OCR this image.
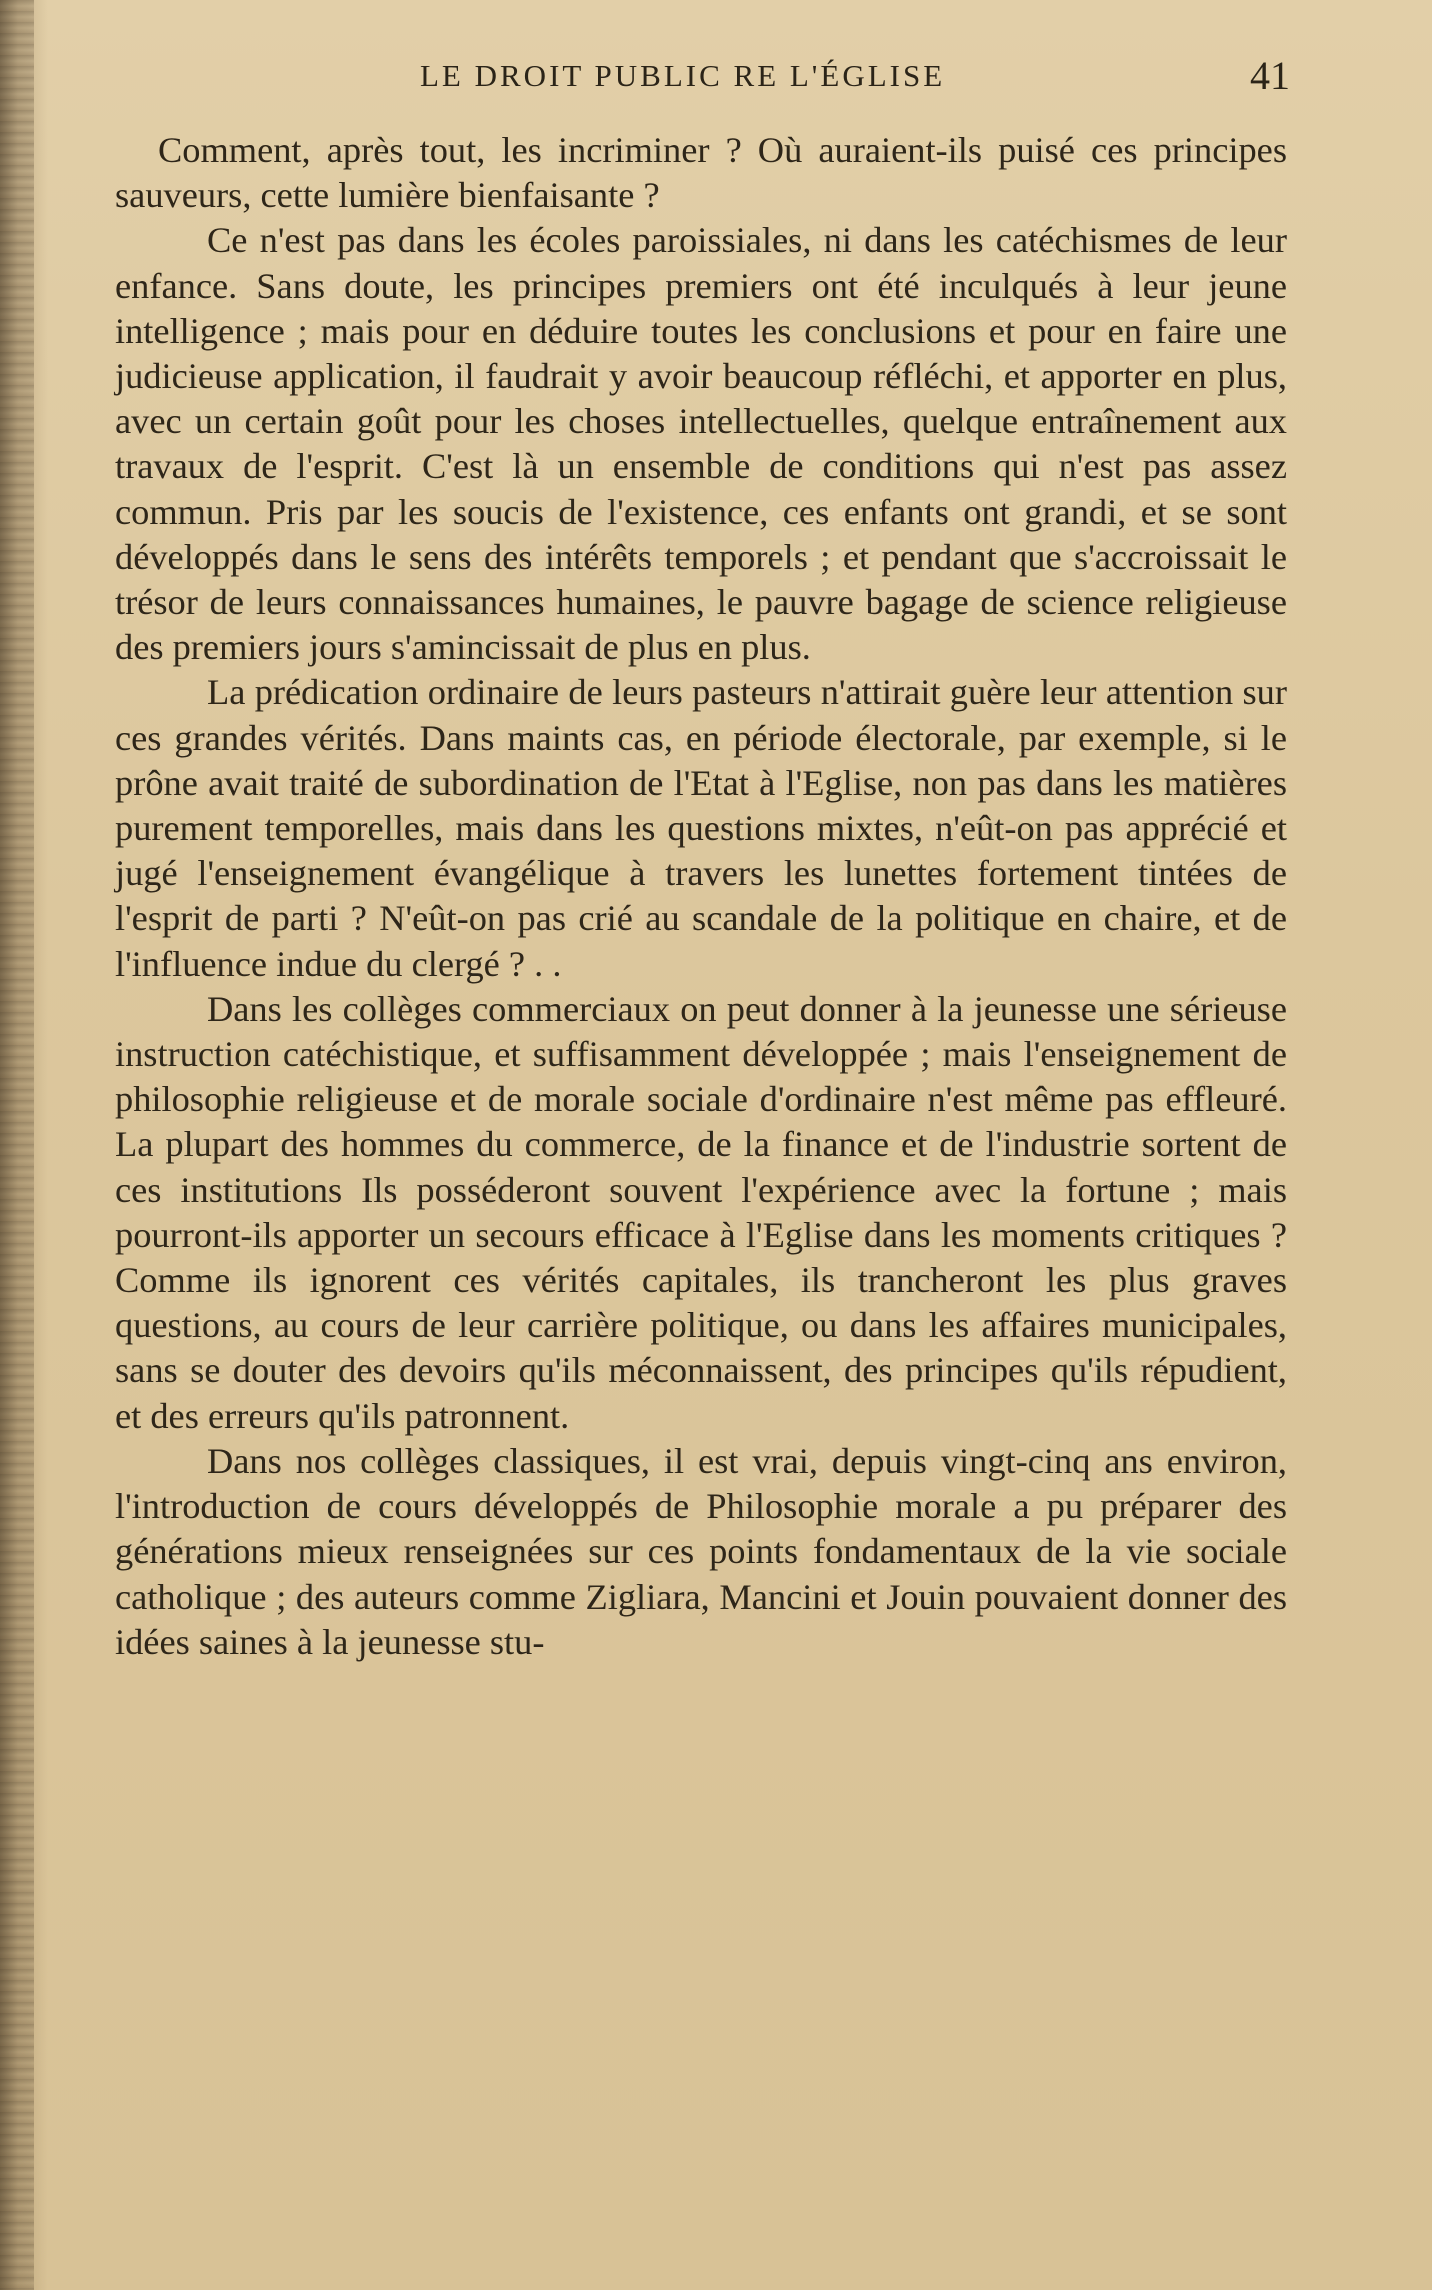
LE DROIT PUBLIC RE L'ÉGLISE	41

Comment, après tout, les incriminer ? Où auraient-ils puisé ces principes sauveurs, cette lumière bienfaisante ?

Ce n'est pas dans les écoles paroissiales, ni dans les catéchismes de leur enfance. Sans doute, les principes premiers ont été inculqués à leur jeune intelligence ; mais pour en déduire toutes les conclusions et pour en faire une judicieuse application, il faudrait y avoir beaucoup réfléchi, et apporter en plus, avec un certain goût pour les choses intellectuelles, quelque entraînement aux travaux de l'esprit. C'est là un ensemble de conditions qui n'est pas assez commun. Pris par les soucis de l'existence, ces enfants ont grandi, et se sont développés dans le sens des intérêts temporels ; et pendant que s'accroissait le trésor de leurs connaissances humaines, le pauvre bagage de science religieuse des premiers jours s'amincissait de plus en plus.

La prédication ordinaire de leurs pasteurs n'attirait guère leur attention sur ces grandes vérités. Dans maints cas, en période électorale, par exemple, si le prône avait traité de subordination de l'Etat à l'Eglise, non pas dans les matières purement temporelles, mais dans les questions mixtes, n'eût-on pas apprécié et jugé l'enseignement évangélique à travers les lunettes fortement tintées de l'esprit de parti ? N'eût-on pas crié au scandale de la politique en chaire, et de l'influence indue du clergé ? . .

Dans les collèges commerciaux on peut donner à la jeunesse une sérieuse instruction catéchistique, et suffisamment développée ; mais l'enseignement de philosophie religieuse et de morale sociale d'ordinaire n'est même pas effleuré. La plupart des hommes du commerce, de la finance et de l'industrie sortent de ces institutions Ils posséderont souvent l'expérience avec la fortune ; mais pourront-ils apporter un secours efficace à l'Eglise dans les moments critiques ? Comme ils ignorent ces vérités capitales, ils trancheront les plus graves questions, au cours de leur carrière politique, ou dans les affaires municipales, sans se douter des devoirs qu'ils méconnaissent, des principes qu'ils répudient, et des erreurs qu'ils patronnent.

Dans nos collèges classiques, il est vrai, depuis vingt-cinq ans environ, l'introduction de cours développés de Philosophie morale a pu préparer des générations mieux renseignées sur ces points fondamentaux de la vie sociale catholique ; des auteurs comme Zigliara, Mancini et Jouin pouvaient donner des idées saines à la jeunesse stu-
